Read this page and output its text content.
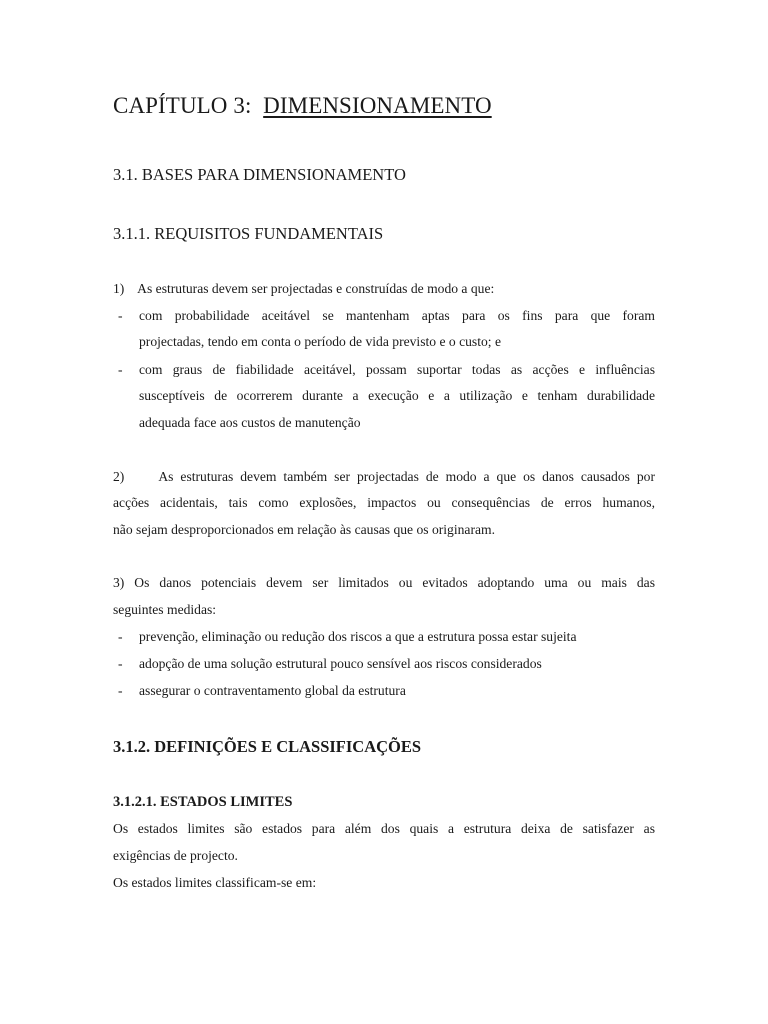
CAPÍTULO 3: DIMENSIONAMENTO
3.1. BASES PARA DIMENSIONAMENTO
3.1.1. REQUISITOS FUNDAMENTAIS
1)    As estruturas devem ser projectadas e construídas de modo a que:
- com probabilidade aceitável se mantenham aptas para os fins para que foram
projectadas, tendo em conta o período de vida previsto e o custo; e
- com graus de fiabilidade aceitável, possam suportar todas as acções e influências
susceptíveis de ocorrerem durante a execução e a utilização e tenham durabilidade
adequada face aos custos de manutenção
2)     As estruturas devem também ser projectadas de modo a que os danos causados por
acções acidentais, tais como explosões, impactos ou consequências de erros humanos,
não sejam desproporcionados em relação às causas que os originaram.
3) Os danos potenciais devem ser limitados ou evitados adoptando uma ou mais das
seguintes medidas:
- prevenção, eliminação ou redução dos riscos a que a estrutura possa estar sujeita
- adopção de uma solução estrutural pouco sensível aos riscos considerados
- assegurar o contraventamento global da estrutura
3.1.2. DEFINIÇÕES E CLASSIFICAÇÕES
3.1.2.1. ESTADOS LIMITES
Os estados limites são estados para além dos quais a estrutura deixa de satisfazer as
exigências de projecto.
Os estados limites classificam-se em:
